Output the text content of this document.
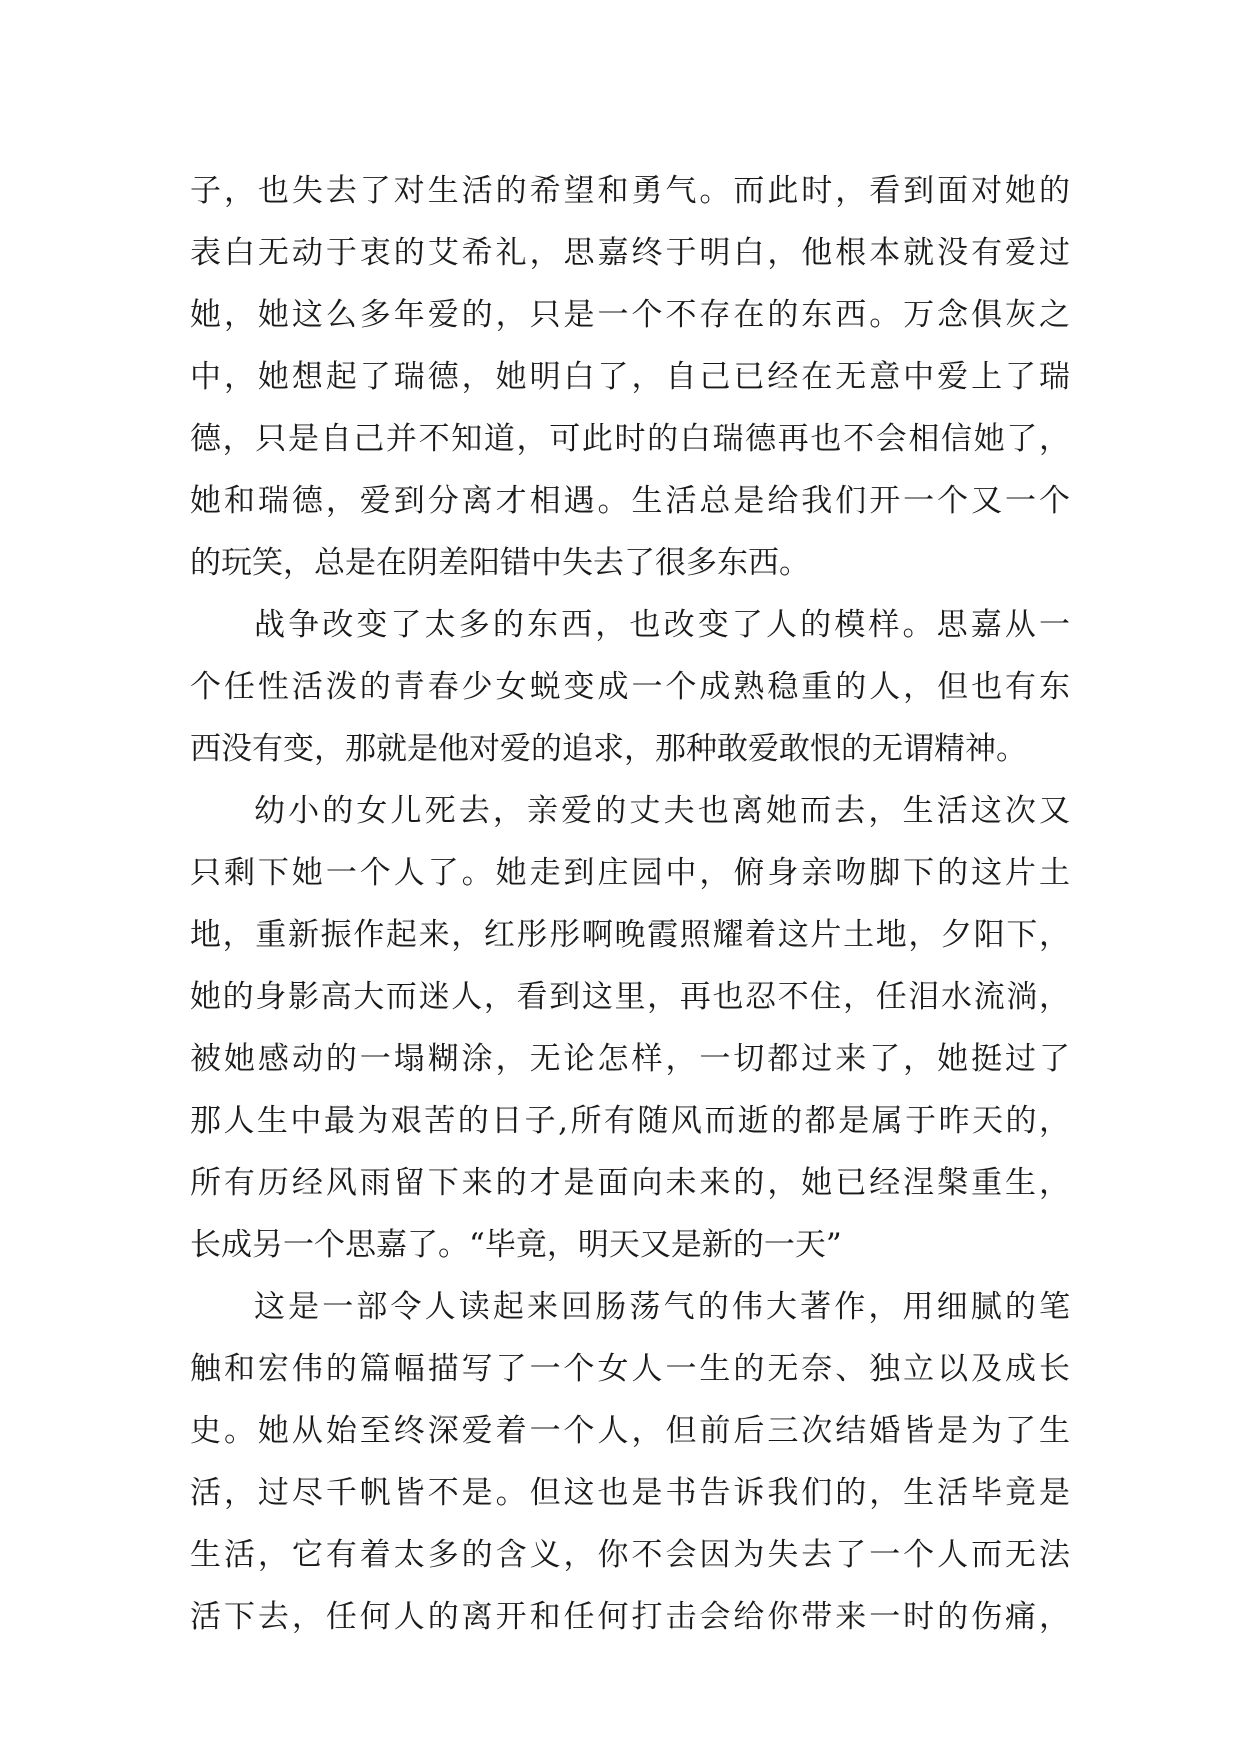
子，也失去了对生活的希望和勇气。而此时，看到面对她的
表白无动于衷的艾希礼，思嘉终于明白，他根本就没有爱过
她，她这么多年爱的，只是一个不存在的东西。万念俱灰之
中，她想起了瑞德，她明白了，自己已经在无意中爱上了瑞
德，只是自己并不知道，可此时的白瑞德再也不会相信她了，
她和瑞德，爱到分离才相遇。生活总是给我们开一个又一个
的玩笑，总是在阴差阳错中失去了很多东西。
战争改变了太多的东西，也改变了人的模样。思嘉从一
个任性活泼的青春少女蜕变成一个成熟稳重的人，但也有东
西没有变，那就是他对爱的追求，那种敢爱敢恨的无谓精神。
幼小的女儿死去，亲爱的丈夫也离她而去，生活这次又
只剩下她一个人了。她走到庄园中，俯身亲吻脚下的这片土
地，重新振作起来，红彤彤啊晚霞照耀着这片土地，夕阳下，
她的身影高大而迷人，看到这里，再也忍不住，任泪水流淌，
被她感动的一塌糊涂，无论怎样，一切都过来了，她挺过了
那人生中最为艰苦的日子,所有随风而逝的都是属于昨天的，
所有历经风雨留下来的才是面向未来的，她已经涅槃重生，
长成另一个思嘉了。“毕竟，明天又是新的一天”
这是一部令人读起来回肠荡气的伟大著作，用细腻的笔
触和宏伟的篇幅描写了一个女人一生的无奈、独立以及成长
史。她从始至终深爱着一个人，但前后三次结婚皆是为了生
活，过尽千帆皆不是。但这也是书告诉我们的，生活毕竟是
生活，它有着太多的含义，你不会因为失去了一个人而无法
活下去，任何人的离开和任何打击会给你带来一时的伤痛，
